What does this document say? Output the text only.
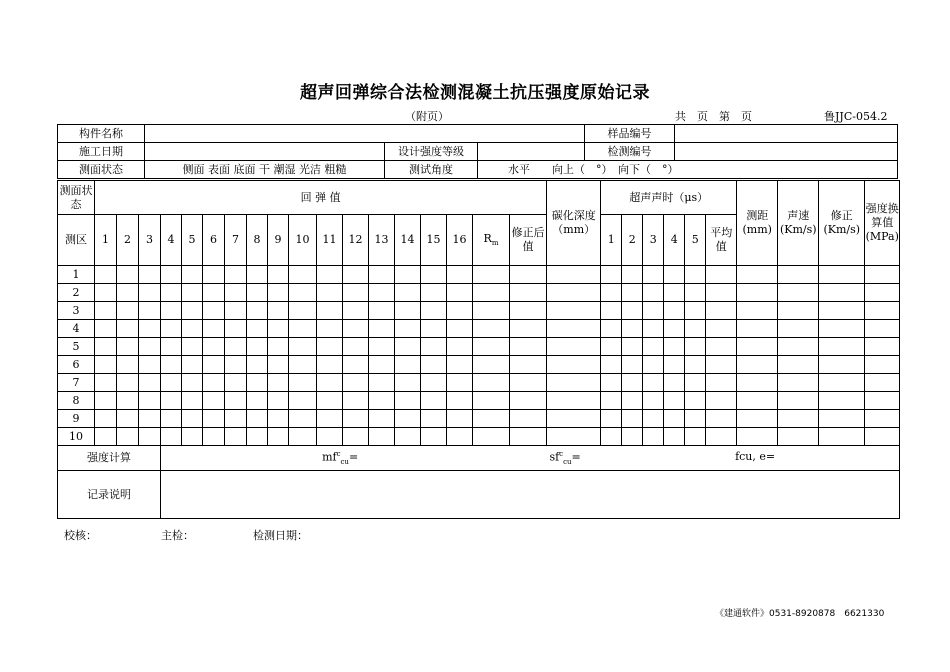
超声回弹综合法检测混凝土抗压强度原始记录
（附页）	共　页　第　页	鲁JJC-054.2
构件名称				样品编号	
施工日期		设计强度等级		检测编号	
测面状态	侧面 表面 底面 干 潮湿 光洁 粗糙	测试角度	水平　　向上（　°）　向下（　°）		
测面状态	回 弹 值																		碳化深度（mm）	超声声时（μs）						测距(mm)	声速(Km/s)	修正(Km/s)	强度换算值(MPa)
测区	1	2	3	4	5	6	7	8	9	10	11	12	13	14	15	16	$R_m$	修正后值		1	2	3	4	5	平均值				
1																													
2																													
3																													
4																													
5																													
6																													
7																													
8																													
9																													
10																													
强度计算				$mf^c_{cu}= sf^c_{cu}=$ fcu, e=																									
记录说明																													
校核：	主检：	检测日期：
《建通软件》0531-8920878　6621330
